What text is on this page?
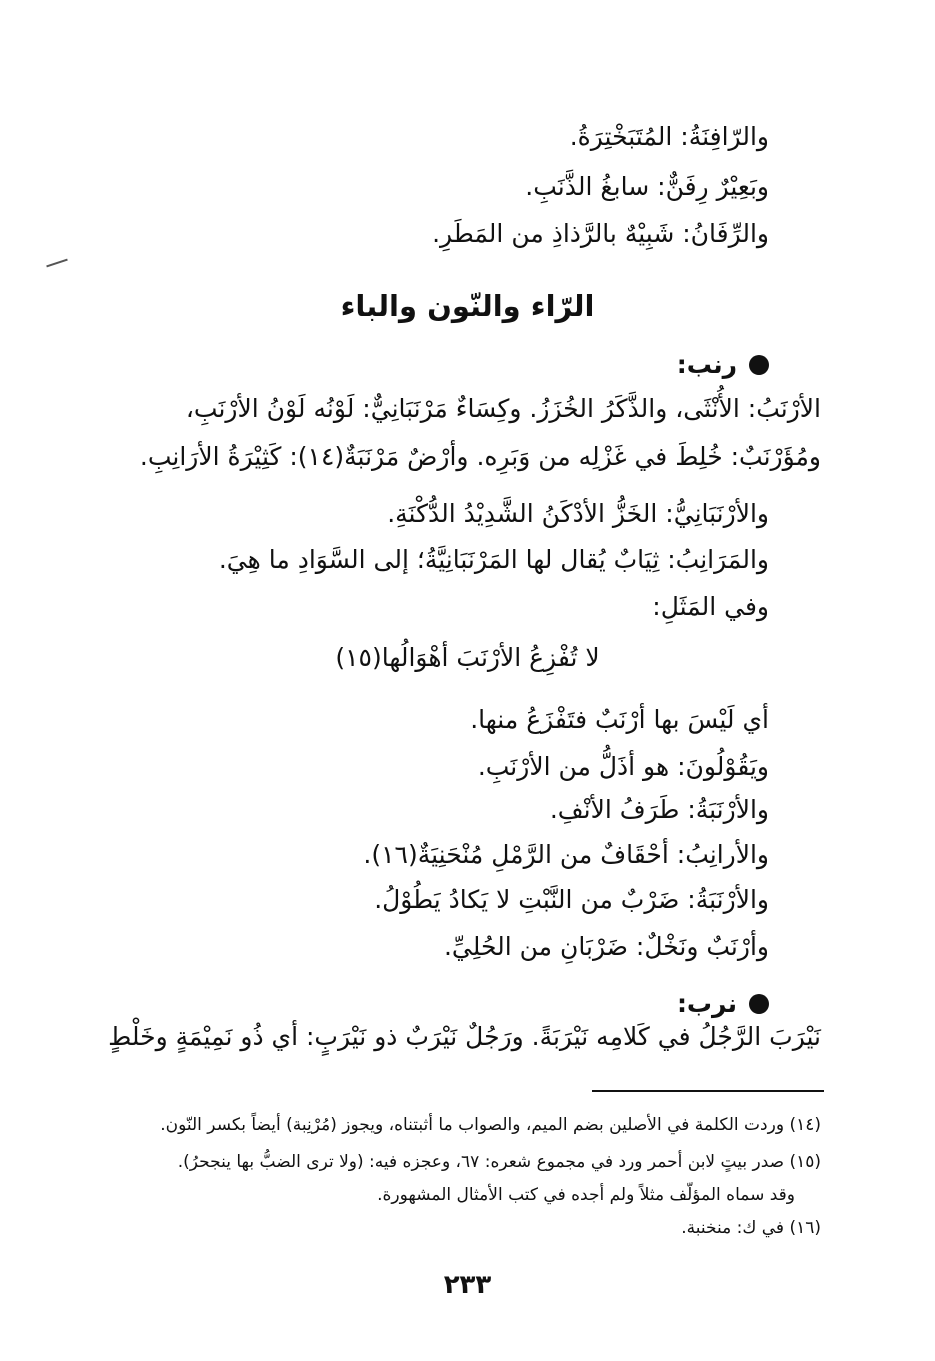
والرّافِنَةُ: المُتَبَخْتِرَةُ.
وبَعِيْرٌ رِفَنٌّ: سابغُ الذَّنَبِ.
والرِّفَانُ: شَبِيْهٌ بالرَّذاذِ من المَطَرِ.
الرّاء والنّون والباء
رنب:
الأرْنَبُ: الأُنْثَى، والذَّكَرُ الخُزَزُ. وكِسَاءٌ مَرْنَبَانِيٌّ: لَوْنُه لَوْنُ الأرْنَبِ،
ومُؤَرْنَبٌ: خُلِطَ في غَزْلِه من وَبَرِه. وأرْضٌ مَرْنَبَةٌ(١٤): كَثِيْرَةُ الأرَانِبِ.
والأرْنَبَانِيُّ: الخَزُّ الأدْكَنُ الشَّدِيْدُ الدُّكْنَةِ.
والمَرَانِبُ: ثِيَابٌ يُقال لها المَرْنَبَانِيَّةُ؛ إلى السَّوَادِ ما هِيَ.
وفي المَثَلِ:
لا تُفْزِعُ الأرْنَبَ أهْوَالُها(١٥)
أي لَيْسَ بها أرْنَبٌ فتَفْزَعُ منها.
ويَقُوْلُونَ: هو أذَلُّ من الأرْنَبِ.
والأرْنَبَةُ: طَرَفُ الأنْفِ.
والأرانِبُ: أحْقَافٌ من الرَّمْلِ مُنْحَنِيَةٌ(١٦).
والأرْنَبَةُ: ضَرْبٌ من النَّبْتِ لا يَكادُ يَطُوْلُ.
وأرْنَبٌ ونَخْلٌ: ضَرْبَانِ من الحُلِيِّ.
نرب:
نَيْرَبَ الرَّجُلُ في كَلامِه نَيْرَبَةً. ورَجُلٌ نَيْرَبٌ ذو نَيْرَبٍ: أي ذُو نَمِيْمَةٍ وخَلْطٍ
(١٤) وردت الكلمة في الأصلين بضم الميم، والصواب ما أثبتناه، ويجوز (مُرْنِبة) أيضاً بكسر النّون.
(١٥) صدر بيتٍ لابن أحمر ورد في مجموع شعره: ٦٧، وعجزه فيه: (ولا ترى الضبُّ بها ينجحرُ).
وقد سماه المؤلّف مثلاً ولم أجده في كتب الأمثال المشهورة.
(١٦) في ك: منخنبة.
٢٣٣
